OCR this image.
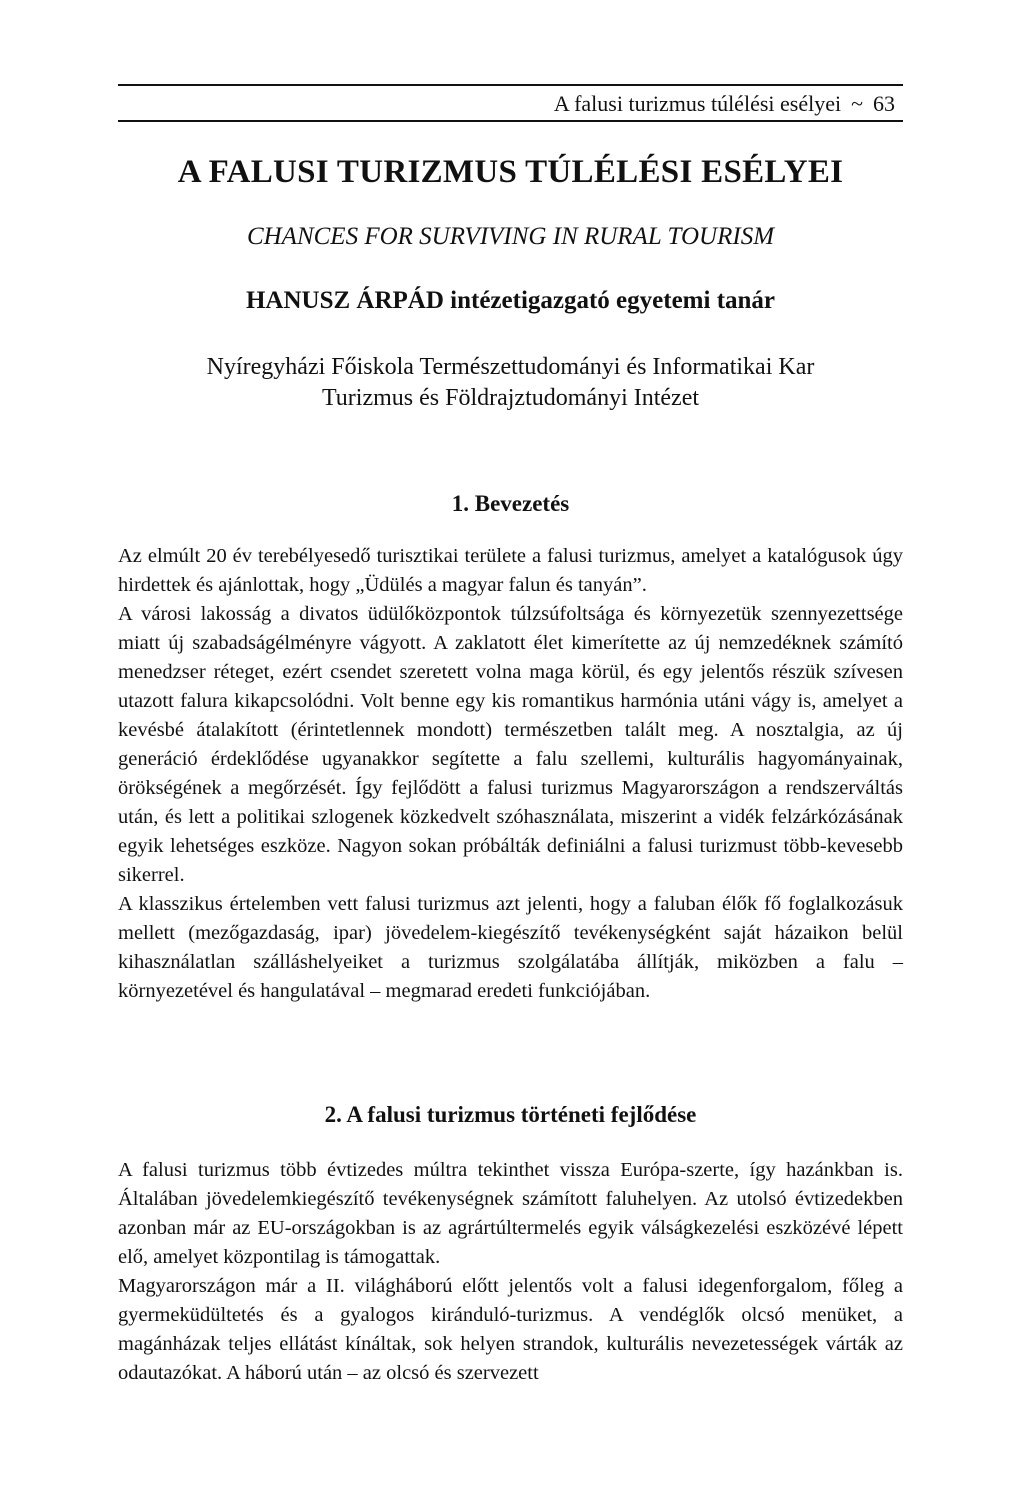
A falusi turizmus túlélési esélyei ~ 63
A FALUSI TURIZMUS TÚLÉLÉSI ESÉLYEI

CHANCES FOR SURVIVING IN RURAL TOURISM

HANUSZ ÁRPÁD intézetigazgató egyetemi tanár

Nyíregyházi Főiskola Természettudományi és Informatikai Kar
Turizmus és Földrajztudományi Intézet
1. Bevezetés

Az elmúlt 20 év terebélyesedő turisztikai területe a falusi turizmus, amelyet a katalógusok úgy hirdettek és ajánlottak, hogy „Üdülés a magyar falun és tanyán”.

A városi lakosság a divatos üdülőközpontok túlzsúfoltsága és környezetük szennyezettsége miatt új szabadságélményre vágyott. A zaklatott élet kimerítette az új nemzedéknek számító menedzser réteget, ezért csendet szeretett volna maga körül, és egy jelentős részük szívesen utazott falura kikapcsolódni. Volt benne egy kis romantikus harmónia utáni vágy is, amelyet a kevésbé átalakított (érintetlennek mondott) természetben talált meg. A nosztalgia, az új generáció érdeklődése ugyanakkor segítette a falu szellemi, kulturális hagyományainak, örökségének a megőrzését. Így fejlődött a falusi turizmus Magyarországon a rendszerváltás után, és lett a politikai szlogenek közkedvelt szóhasználata, miszerint a vidék felzárkózásának egyik lehetséges eszköze. Nagyon sokan próbálták definiálni a falusi turizmust több-kevesebb sikerrel.

A klasszikus értelemben vett falusi turizmus azt jelenti, hogy a faluban élők fő foglalkozásuk mellett (mezőgazdaság, ipar) jövedelem-kiegészítő tevékenységként saját házaikon belül kihasználatlan szálláshelyeiket a turizmus szolgálatába állítják, miközben a falu – környezetével és hangulatával – megmarad eredeti funkciójában.

2. A falusi turizmus történeti fejlődése

A falusi turizmus több évtizedes múltra tekinthet vissza Európa-szerte, így hazánkban is. Általában jövedelemkiegészítő tevékenységnek számított faluhelyen. Az utolsó évtizedekben azonban már az EU-országokban is az agrártúltermelés egyik válságkezelési eszközévé lépett elő, amelyet központilag is támogattak.

Magyarországon már a II. világháború előtt jelentős volt a falusi idegenforgalom, főleg a gyermeküdültetés és a gyalogos kiránduló-turizmus. A vendéglők olcsó menüket, a magánházak teljes ellátást kínáltak, sok helyen strandok, kulturális nevezetességek várták az odautazókat. A háború után – az olcsó és szervezett
